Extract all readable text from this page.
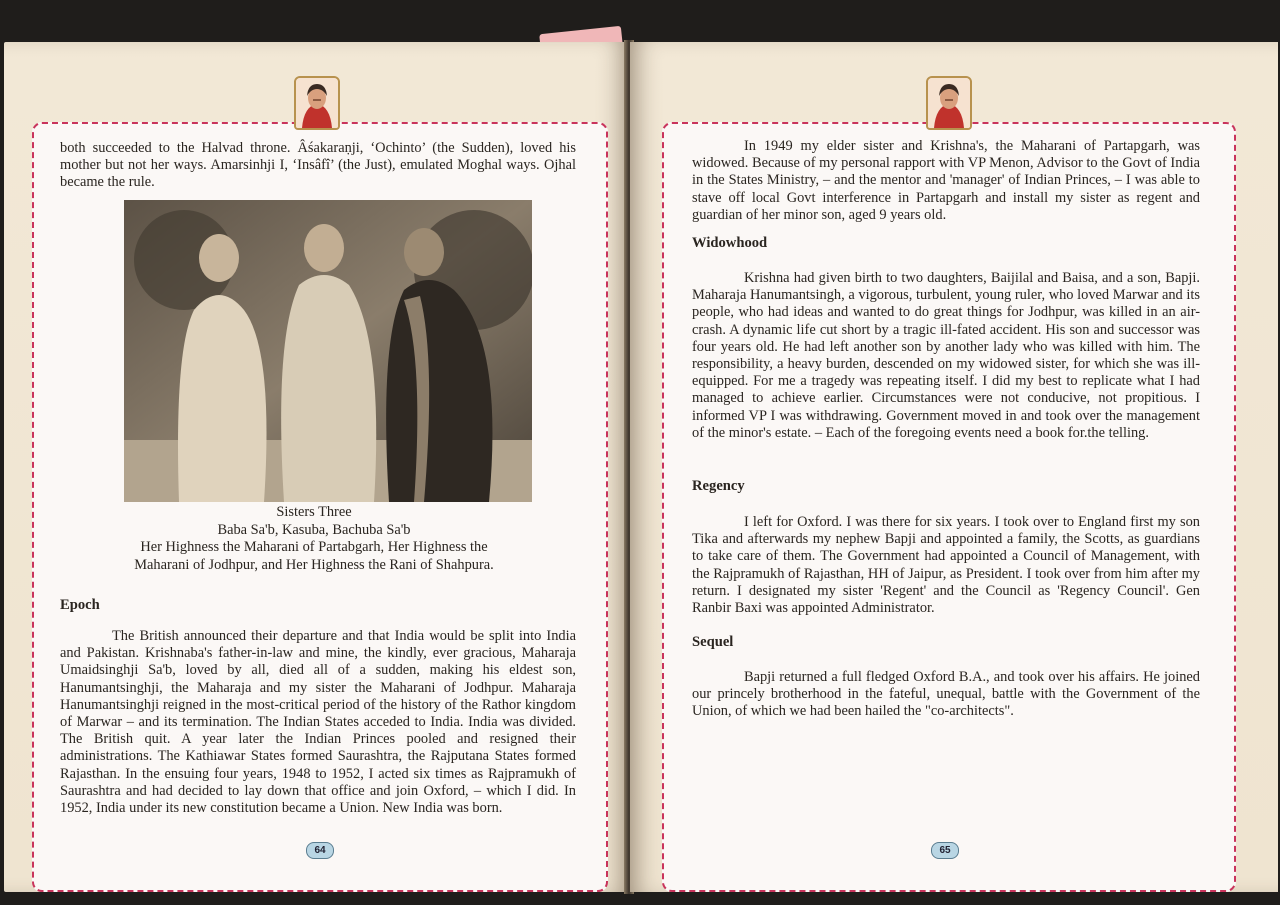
both succeeded to the Halvad throne. Âśakaraṇji, ‘Ochinto’ (the Sudden), loved his mother but not her ways. Amarsinhji I, ‘Insâfî’ (the Just), emulated Moghal ways. Ojhal became the rule.

Sisters Three
Baba Sa'b, Kasuba, Bachuba Sa'b
Her Highness the Maharani of Partabgarh, Her Highness the
Maharani of Jodhpur, and Her Highness the Rani of Shahpura.
Epoch

The British announced their departure and that India would be split into India and Pakistan. Krishnaba's father-in-law and mine, the kindly, ever gracious, Maharaja Umaidsinghji Sa'b, loved by all, died all of a sudden, making his eldest son, Hanumantsinghji, the Maharaja and my sister the Maharani of Jodhpur. Maharaja Hanumantsinghji reigned in the most-critical period of the history of the Rathor kingdom of Marwar – and its termination. The Indian States acceded to India. India was divided. The British quit. A year later the Indian Princes pooled and resigned their administrations. The Kathiawar States formed Saurashtra, the Rajputana States formed Rajasthan. In the ensuing four years, 1948 to 1952, I acted six times as Rajpramukh of Saurashtra and had decided to lay down that office and join Oxford, – which I did. In 1952, India under its new constitution became a Union. New India was born.

64

In 1949 my elder sister and Krishna's, the Maharani of Partapgarh, was widowed. Because of my personal rapport with VP Menon, Advisor to the Govt of India in the States Ministry, – and the mentor and 'manager' of Indian Princes, – I was able to stave off local Govt interference in Partapgarh and install my sister as regent and guardian of her minor son, aged 9 years old.

Widowhood

Krishna had given birth to two daughters, Baijilal and Baisa, and a son, Bapji. Maharaja Hanumantsingh, a vigorous, turbulent, young ruler, who loved Marwar and its people, who had ideas and wanted to do great things for Jodhpur, was killed in an air-crash. A dynamic life cut short by a tragic ill-fated accident. His son and successor was four years old. He had left another son by another lady who was killed with him. The responsibility, a heavy burden, descended on my widowed sister, for which she was ill-equipped. For me a tragedy was repeating itself. I did my best to replicate what I had managed to achieve earlier. Circumstances were not conducive, not propitious. I informed VP I was withdrawing. Government moved in and took over the management of the minor's estate. – Each of the foregoing events need a book for.the telling.

Regency

I left for Oxford. I was there for six years. I took over to England first my son Tika and afterwards my nephew Bapji and appointed a family, the Scotts, as guardians to take care of them. The Government had appointed a Council of Management, with the Rajpramukh of Rajasthan, HH of Jaipur, as President. I took over from him after my return. I designated my sister 'Regent' and the Council as 'Regency Council'. Gen Ranbir Baxi was appointed Administrator.

Sequel

Bapji returned a full fledged Oxford B.A., and took over his affairs. He joined our princely brotherhood in the fateful, unequal, battle with the Government of the Union, of which we had been hailed the "co-architects".

65
